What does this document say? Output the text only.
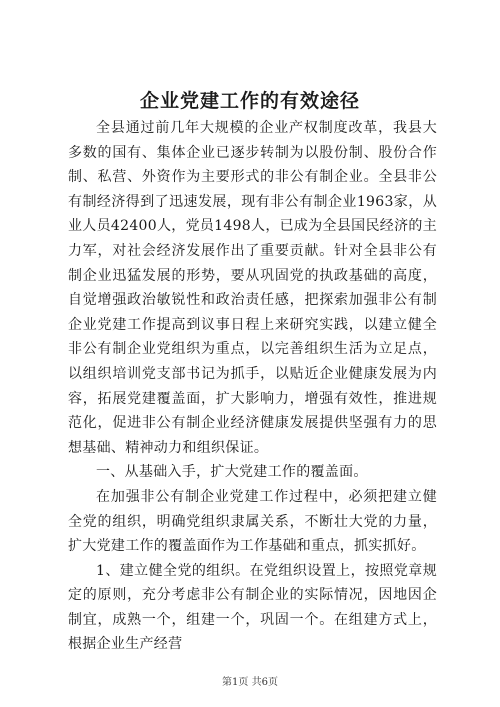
企业党建工作的有效途径

全县通过前几年大规模的企业产权制度改革，我县大多数的国有、集体企业已逐步转制为以股份制、股份合作制、私营、外资作为主要形式的非公有制企业。全县非公有制经济得到了迅速发展，现有非公有制企业1963家，从业人员42400人，党员1498人，已成为全县国民经济的主力军，对社会经济发展作出了重要贡献。针对全县非公有制企业迅猛发展的形势，要从巩固党的执政基础的高度，自觉增强政治敏锐性和政治责任感，把探索加强非公有制企业党建工作提高到议事日程上来研究实践，以建立健全非公有制企业党组织为重点，以完善组织生活为立足点，以组织培训党支部书记为抓手，以贴近企业健康发展为内容，拓展党建覆盖面，扩大影响力，增强有效性，推进规范化，促进非公有制企业经济健康发展提供坚强有力的思想基础、精神动力和组织保证。

一、从基础入手，扩大党建工作的覆盖面。

在加强非公有制企业党建工作过程中，必须把建立健全党的组织，明确党组织隶属关系，不断壮大党的力量，扩大党建工作的覆盖面作为工作基础和重点，抓实抓好。

1、建立健全党的组织。在党组织设置上，按照党章规定的原则，充分考虑非公有制企业的实际情况，因地因企制宜，成熟一个，组建一个，巩固一个。在组建方式上，根据企业生产经营

第1页 共6页
